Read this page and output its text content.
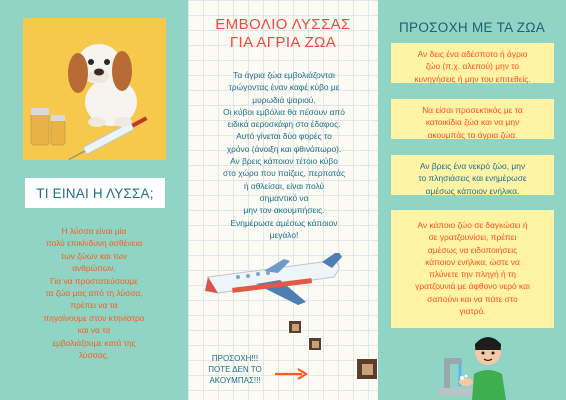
ΤΙ ΕΙΝΑΙ Η ΛΥΣΣΑ;
Η λύσσα είναι μία
πολύ επικίνδυνη ασθένεια
των ζώων και των
ανθρώπων.
Για να προστατεύσουμε
τα ζώα μας από τη λύσσα,
πρέπει να τα
πηγαίνουμε στον κτηνίατρο
και να τα
εμβολιάζουμε κατά της
λύσσας.
ΕΜΒΟΛΙΟ ΛΥΣΣΑΣ
ΓΙΑ ΑΓΡΙΑ ΖΩΑ
Τα άγρια ζώα εμβολιάζονται
τρώγοντας έναν καφέ κύβο με
μυρωδιά ψαριού.
Οι κύβοι εμβόλια θα πέσουν από
ειδικά αεροσκάφη στο έδαφος.
Αυτό γίνεται δύο φορές το
χρόνο (άνοιξη και φθινόπωρο).
Αν βρεις κάποιον τέτοιο κύβο
στο χώρο που παίζεις, περπατάς
ή αθλείσαι, είναι πολύ
σημαντικό να
μην τον ακουμπήσεις.
Ενημέρωσε αμέσως κάποιον
μεγάλο!
ΠΡΟΣΟΧΗ!!!
ΠΟΤΕ ΔΕΝ ΤΟ
ΑΚΟΥΜΠΑΣ!!!
ΠΡΟΣΟΧΗ ΜΕ ΤΑ ΖΩΑ
Αν δεις ένα αδέσποτο ή άγριο
ζώο (π.χ. αλεπού) μην το
κυνηγήσεις ή μην του επιτεθείς.
Να είσαι προσεκτικός με τα
κατοικίδια ζώα και να μην
ακουμπάς τα άγρια ζώα.
Αν βρεις ένα νεκρό ζώο, μην
το πλησιάσεις και ενημέρωσε
αμέσως κάποιον ενήλικα.
Αν κάποιο ζώο σε δαγκώσει ή
σε γρατζουνίσει, πρέπει
αμέσως να ειδοποιήσεις
κάποιον ενήλικα, ώστε να
πλύνετε την πληγή ή τη
γρατζουνιά με άφθονο νερό και
σαπούνι και να πάτε στο
γιατρό.
